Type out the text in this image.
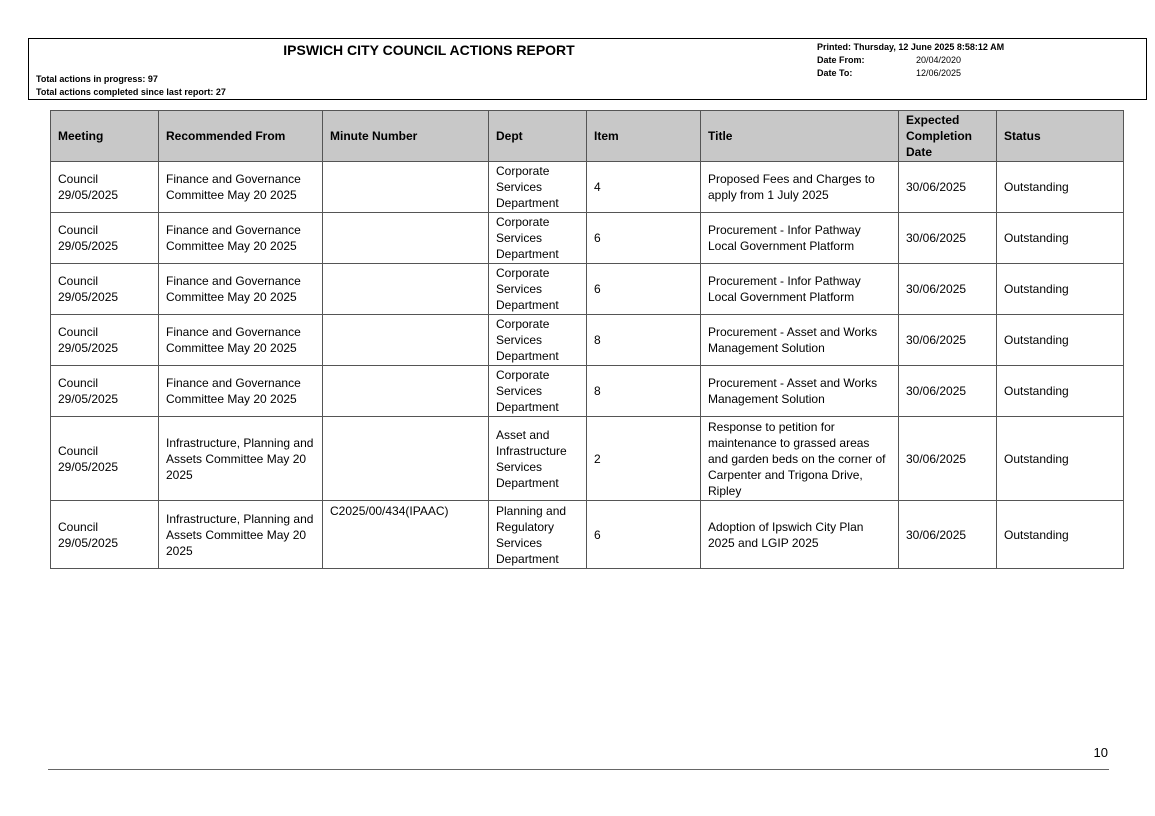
IPSWICH CITY COUNCIL ACTIONS REPORT
Total actions in progress: 97
Total actions completed since last report: 27
Printed: Thursday, 12 June 2025 8:58:12 AM
Date From:	20/04/2020
Date To:	12/06/2025
Meeting	Recommended From	Minute Number	Dept	Item	Title	Expected Completion Date	Status
Council 29/05/2025	Finance and Governance Committee May 20 2025		Corporate Services Department	4	Proposed Fees and Charges to apply from 1 July 2025	30/06/2025	Outstanding
Council 29/05/2025	Finance and Governance Committee May 20 2025		Corporate Services Department	6	Procurement - Infor Pathway Local Government Platform	30/06/2025	Outstanding
Council 29/05/2025	Finance and Governance Committee May 20 2025		Corporate Services Department	6	Procurement - Infor Pathway Local Government Platform	30/06/2025	Outstanding
Council 29/05/2025	Finance and Governance Committee May 20 2025		Corporate Services Department	8	Procurement - Asset and Works Management Solution	30/06/2025	Outstanding
Council 29/05/2025	Finance and Governance Committee May 20 2025		Corporate Services Department	8	Procurement - Asset and Works Management Solution	30/06/2025	Outstanding
Council 29/05/2025	Infrastructure, Planning and Assets Committee May 20 2025		Asset and Infrastructure Services Department	2	Response to petition for maintenance to grassed areas and garden beds on the corner of Carpenter and Trigona Drive, Ripley	30/06/2025	Outstanding
Council 29/05/2025	Infrastructure, Planning and Assets Committee May 20 2025	C2025/00/434(IPAAC)	Planning and Regulatory Services Department	6	Adoption of Ipswich City Plan 2025 and LGIP 2025	30/06/2025	Outstanding
10
